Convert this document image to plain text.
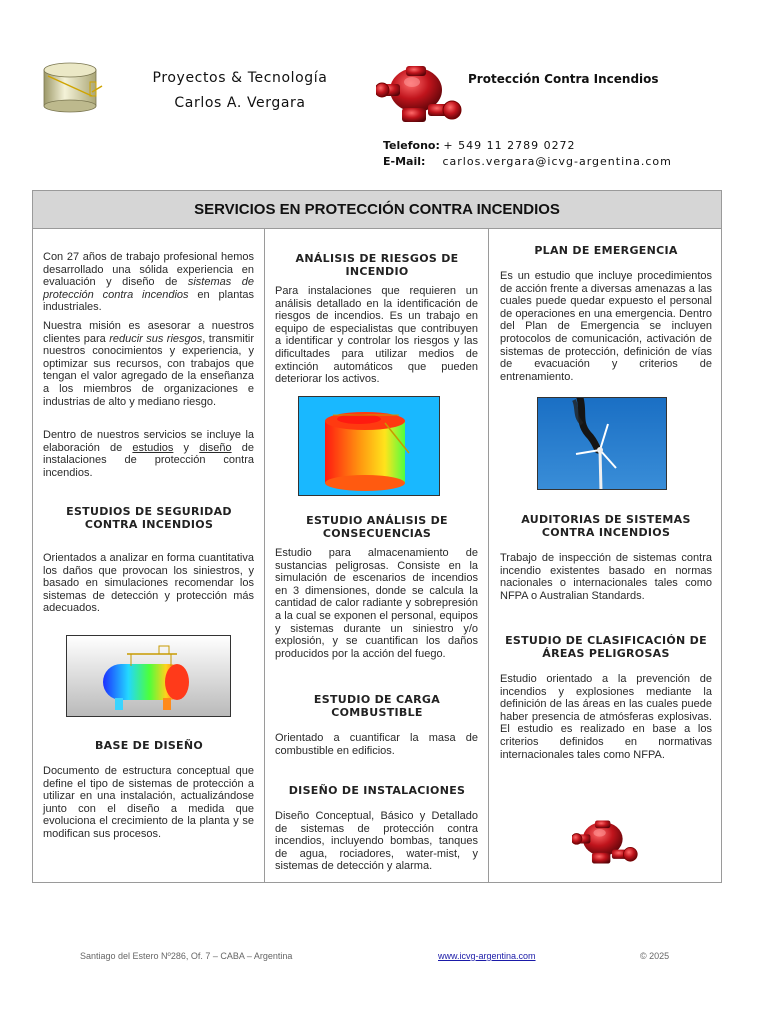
Proyectos & Tecnología
Carlos A. Vergara
Protección Contra Incendios
Telefono: + 549 11 2789 0272
E-Mail: carlos.vergara@icvg-argentina.com
SERVICIOS EN PROTECCIÓN CONTRA INCENDIOS

Con 27 años de trabajo profesional hemos desarrollado una sólida experiencia en evaluación y diseño de sistemas de protección contra incendios en plantas industriales.

Nuestra misión es asesorar a nuestros clientes para reducir sus riesgos, transmitir nuestros conocimientos y experiencia, y optimizar sus recursos, con trabajos que tengan el valor agregado de la enseñanza a los miembros de organizaciones e industrias de alto y mediano riesgo.

Dentro de nuestros servicios se incluye la elaboración de estudios y diseño de instalaciones de protección contra incendios.

ESTUDIOS DE SEGURIDAD CONTRA INCENDIOS
Orientados a analizar en forma cuantitativa los daños que provocan los siniestros, y basado en simulaciones recomendar los sistemas de detección y protección más adecuados.
BASE DE DISEÑO
Documento de estructura conceptual que define el tipo de sistemas de protección a utilizar en una instalación, actualizándose junto con el diseño a medida que evoluciona el crecimiento de la planta y se modifican sus procesos.
ANÁLISIS DE RIESGOS DE INCENDIO
Para instalaciones que requieren un análisis detallado en la identificación de riesgos de incendios. Es un trabajo en equipo de especialistas que contribuyen a identificar y controlar los riesgos y las dificultades para utilizar medios de extinción automáticos que pueden deteriorar los activos.
ESTUDIO ANÁLISIS DE CONSECUENCIAS
Estudio para almacenamiento de sustancias peligrosas. Consiste en la simulación de escenarios de incendios en 3 dimensiones, donde se calcula la cantidad de calor radiante y sobrepresión a la cual se exponen el personal, equipos y sistemas durante un siniestro y/o explosión, y se cuantifican los daños producidos por la acción del fuego.
ESTUDIO DE CARGA COMBUSTIBLE
Orientado a cuantificar la masa de combustible en edificios.
DISEÑO DE INSTALACIONES
Diseño Conceptual, Básico y Detallado de sistemas de protección contra incendios, incluyendo bombas, tanques de agua, rociadores, water-mist, y sistemas de detección y alarma.
PLAN DE EMERGENCIA
Es un estudio que incluye procedimientos de acción frente a diversas amenazas a las cuales puede quedar expuesto el personal de operaciones en una emergencia. Dentro del Plan de Emergencia se incluyen protocolos de comunicación, activación de sistemas de protección, definición de vías de evacuación y criterios de entrenamiento.
AUDITORIAS DE SISTEMAS CONTRA INCENDIOS
Trabajo de inspección de sistemas contra incendio existentes basado en normas nacionales o internacionales tales como NFPA o Australian Standards.
ESTUDIO DE CLASIFICACIÓN DE ÁREAS PELIGROSAS
Estudio orientado a la prevención de incendios y explosiones mediante la definición de las áreas en las cuales puede haber presencia de atmósferas explosivas. El estudio es realizado en base a los criterios definidos en normativas internacionales tales como NFPA.
Santiago del Estero Nº286, Of. 7 – CABA – Argentina	www.icvg-argentina.com	© 2025
